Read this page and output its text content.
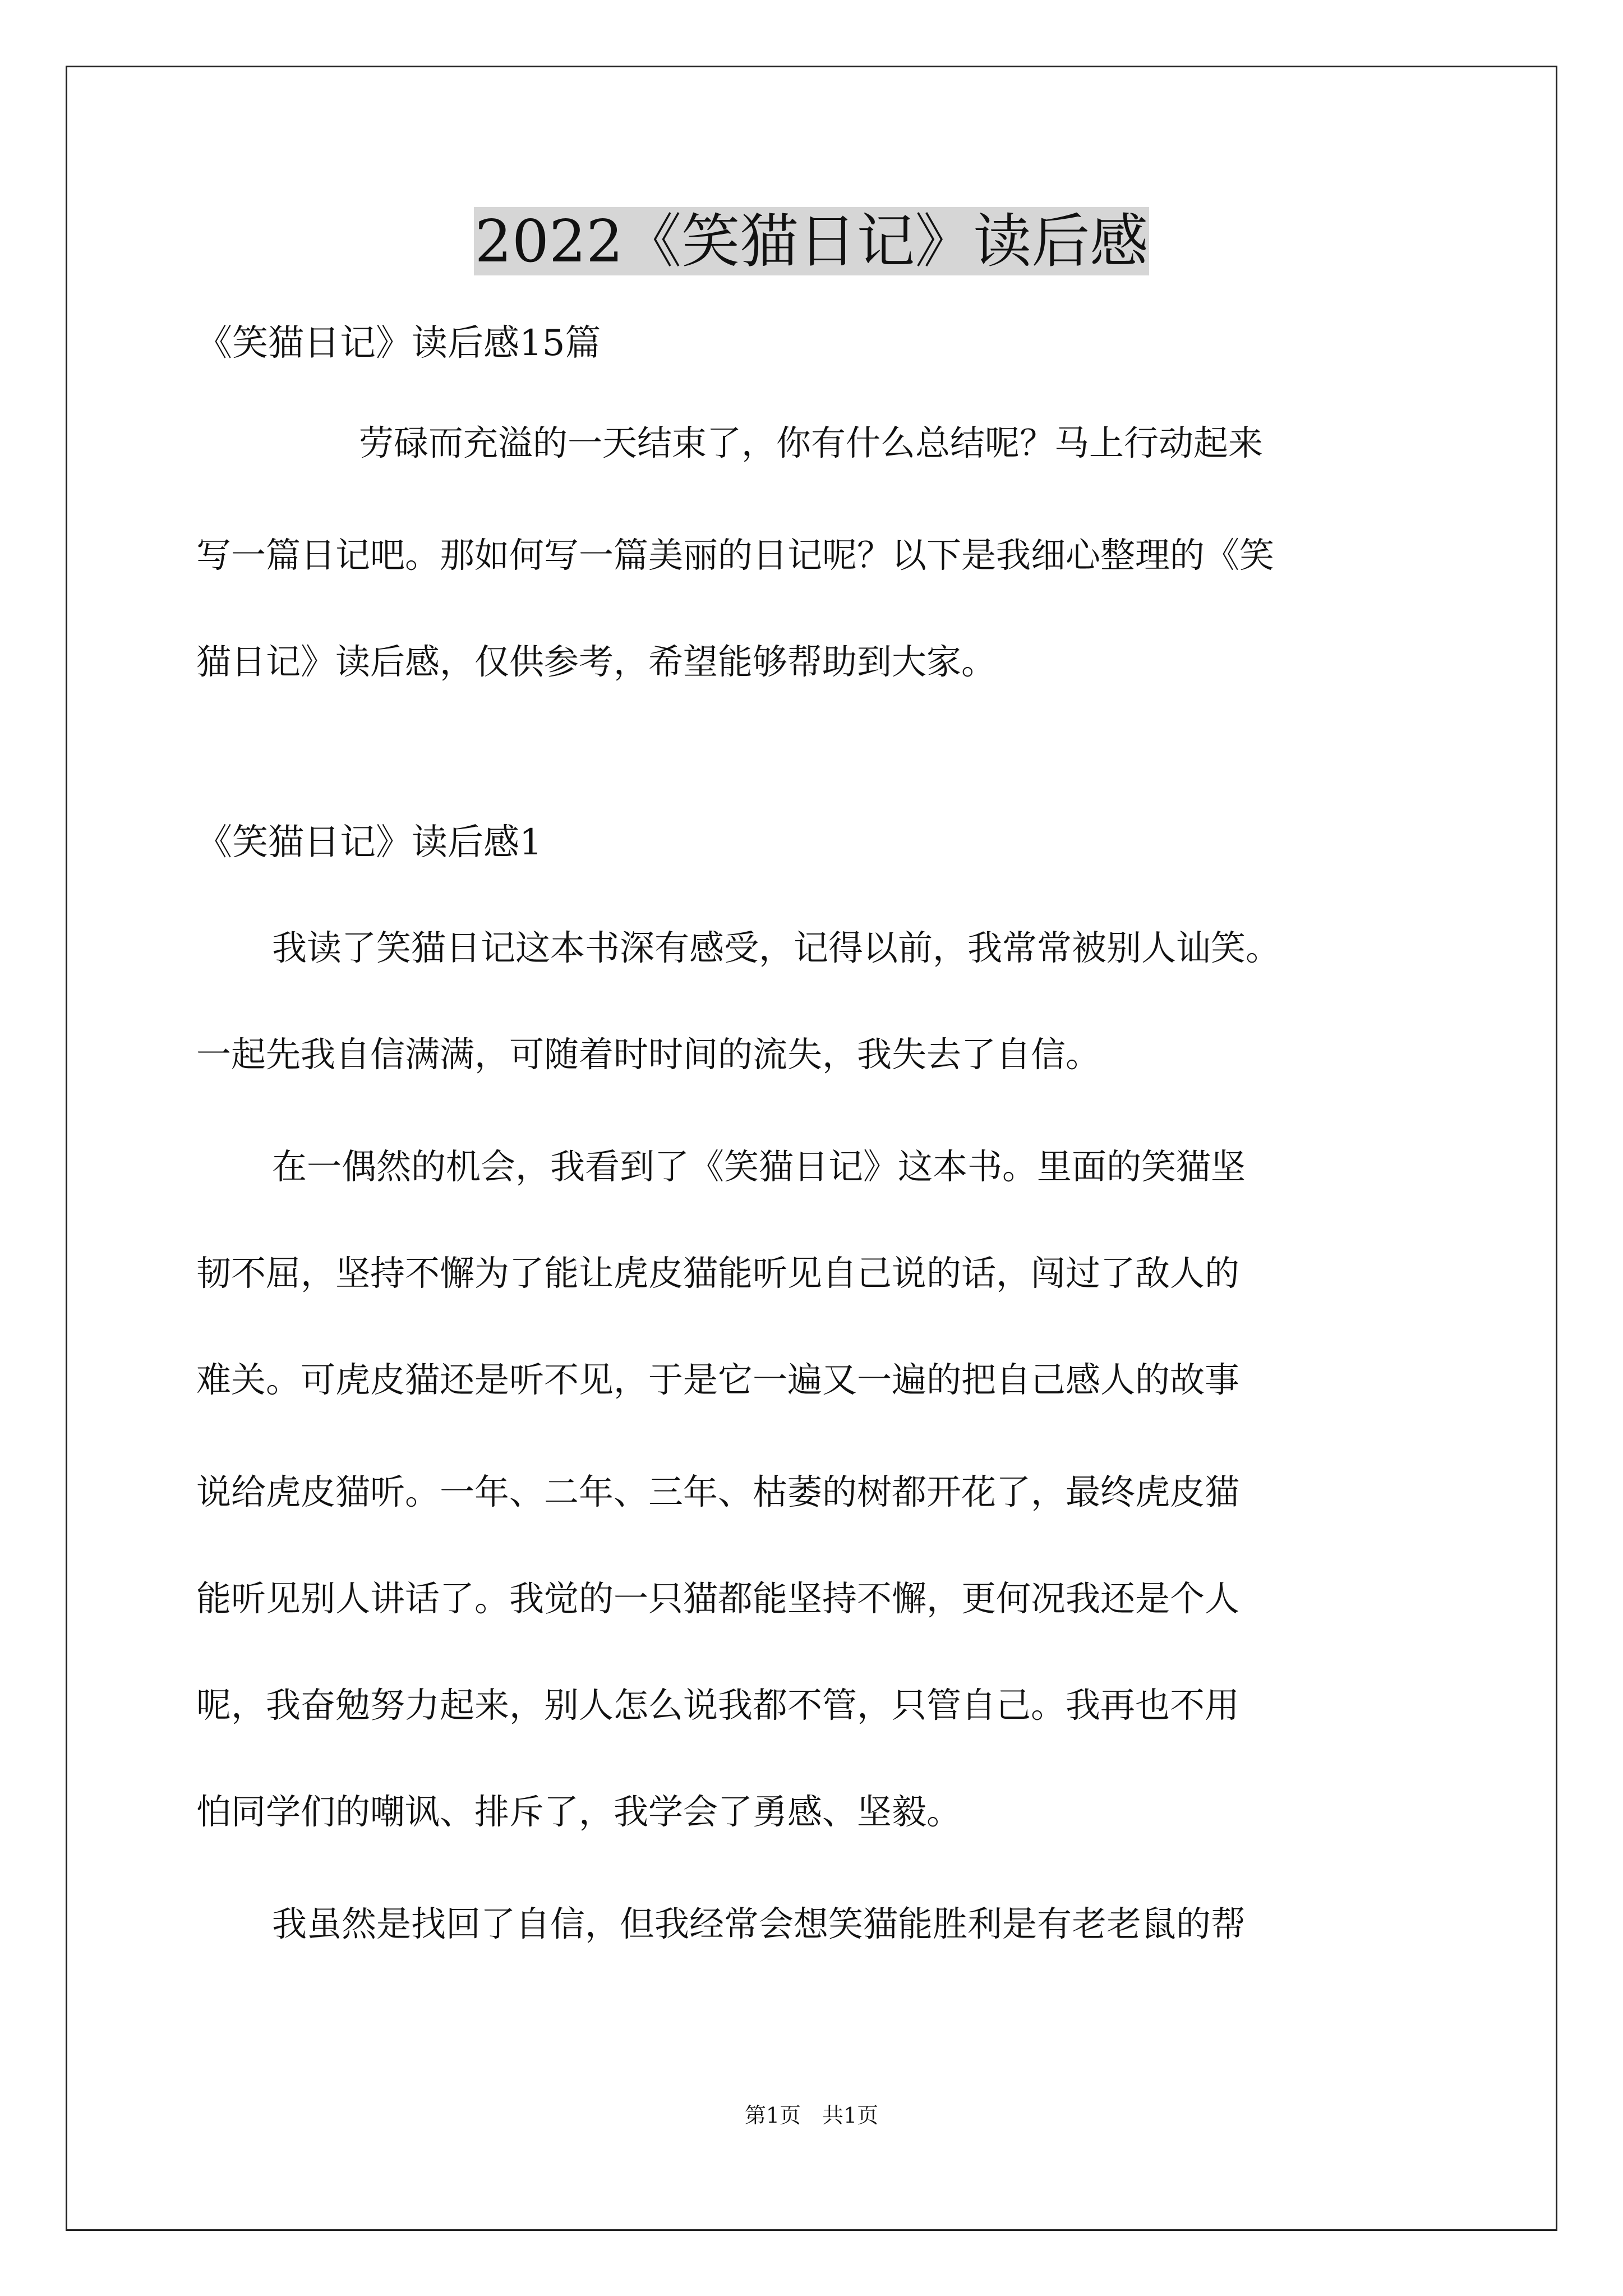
2022《笑猫日记》读后感
《笑猫日记》读后感15篇
劳碌而充溢的一天结束了，你有什么总结呢？马上行动起来
写一篇日记吧。那如何写一篇美丽的日记呢？以下是我细心整理的《笑
猫日记》读后感，仅供参考，希望能够帮助到大家。
《笑猫日记》读后感1
我读了笑猫日记这本书深有感受，记得以前，我常常被别人讪笑。
一起先我自信满满，可随着时时间的流失，我失去了自信。
在一偶然的机会，我看到了《笑猫日记》这本书。里面的笑猫坚
韧不屈，坚持不懈为了能让虎皮猫能听见自己说的话，闯过了敌人的
难关。可虎皮猫还是听不见，于是它一遍又一遍的把自己感人的故事
说给虎皮猫听。一年、二年、三年、枯萎的树都开花了，最终虎皮猫
能听见别人讲话了。我觉的一只猫都能坚持不懈，更何况我还是个人
呢，我奋勉努力起来，别人怎么说我都不管，只管自己。我再也不用
怕同学们的嘲讽、排斥了，我学会了勇感、坚毅。
我虽然是找回了自信，但我经常会想笑猫能胜利是有老老鼠的帮
第1页　共1页
